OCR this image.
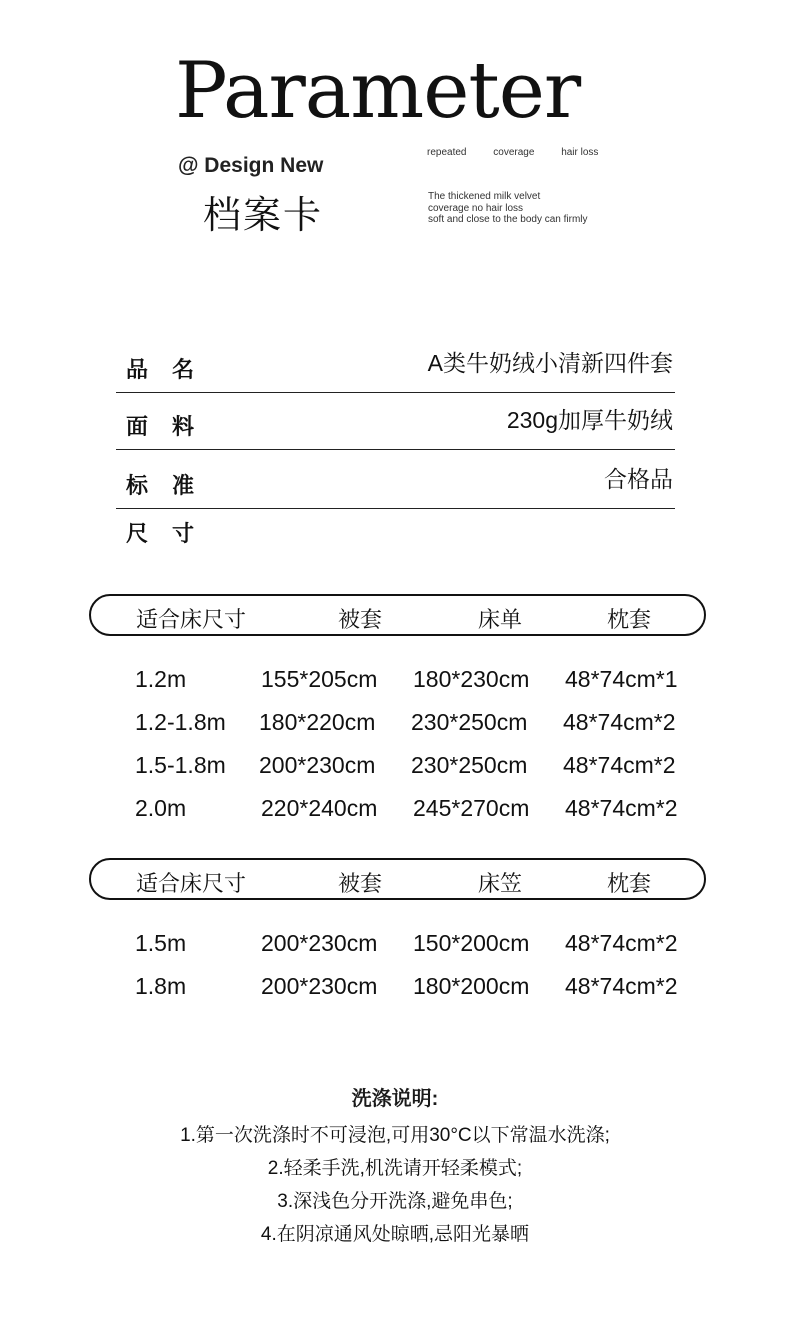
Parameter
repeated	coverage	hair loss
@ Design New
档案卡	The thickened milk velvet
coverage no hair loss
soft and close to the body can firmly
品名	A类牛奶绒小清新四件套
面料	230g加厚牛奶绒
标准	合格品
尺寸
适合床尺寸	被套	床单	枕套
1.2m	155*205cm 180*230cm 48*74cm*1
1.2-1.8m 180*220cm 230*250cm 48*74cm*2
1.5-1.8m 200*230cm 230*250cm 48*74cm*2
2.0m	220*240cm 245*270cm 48*74cm*2
适合床尺寸	被套	床笠	枕套
1.5m	200*230cm 150*200cm 48*74cm*2
1.8m	200*230cm 180*200cm 48*74cm*2
洗涤说明:
1.第一次洗涤时不可浸泡,可用30°C以下常温水洗涤;
2.轻柔手洗,机洗请开轻柔模式;
3.深浅色分开洗涤,避免串色;
4.在阴凉通风处晾晒,忌阳光暴晒
